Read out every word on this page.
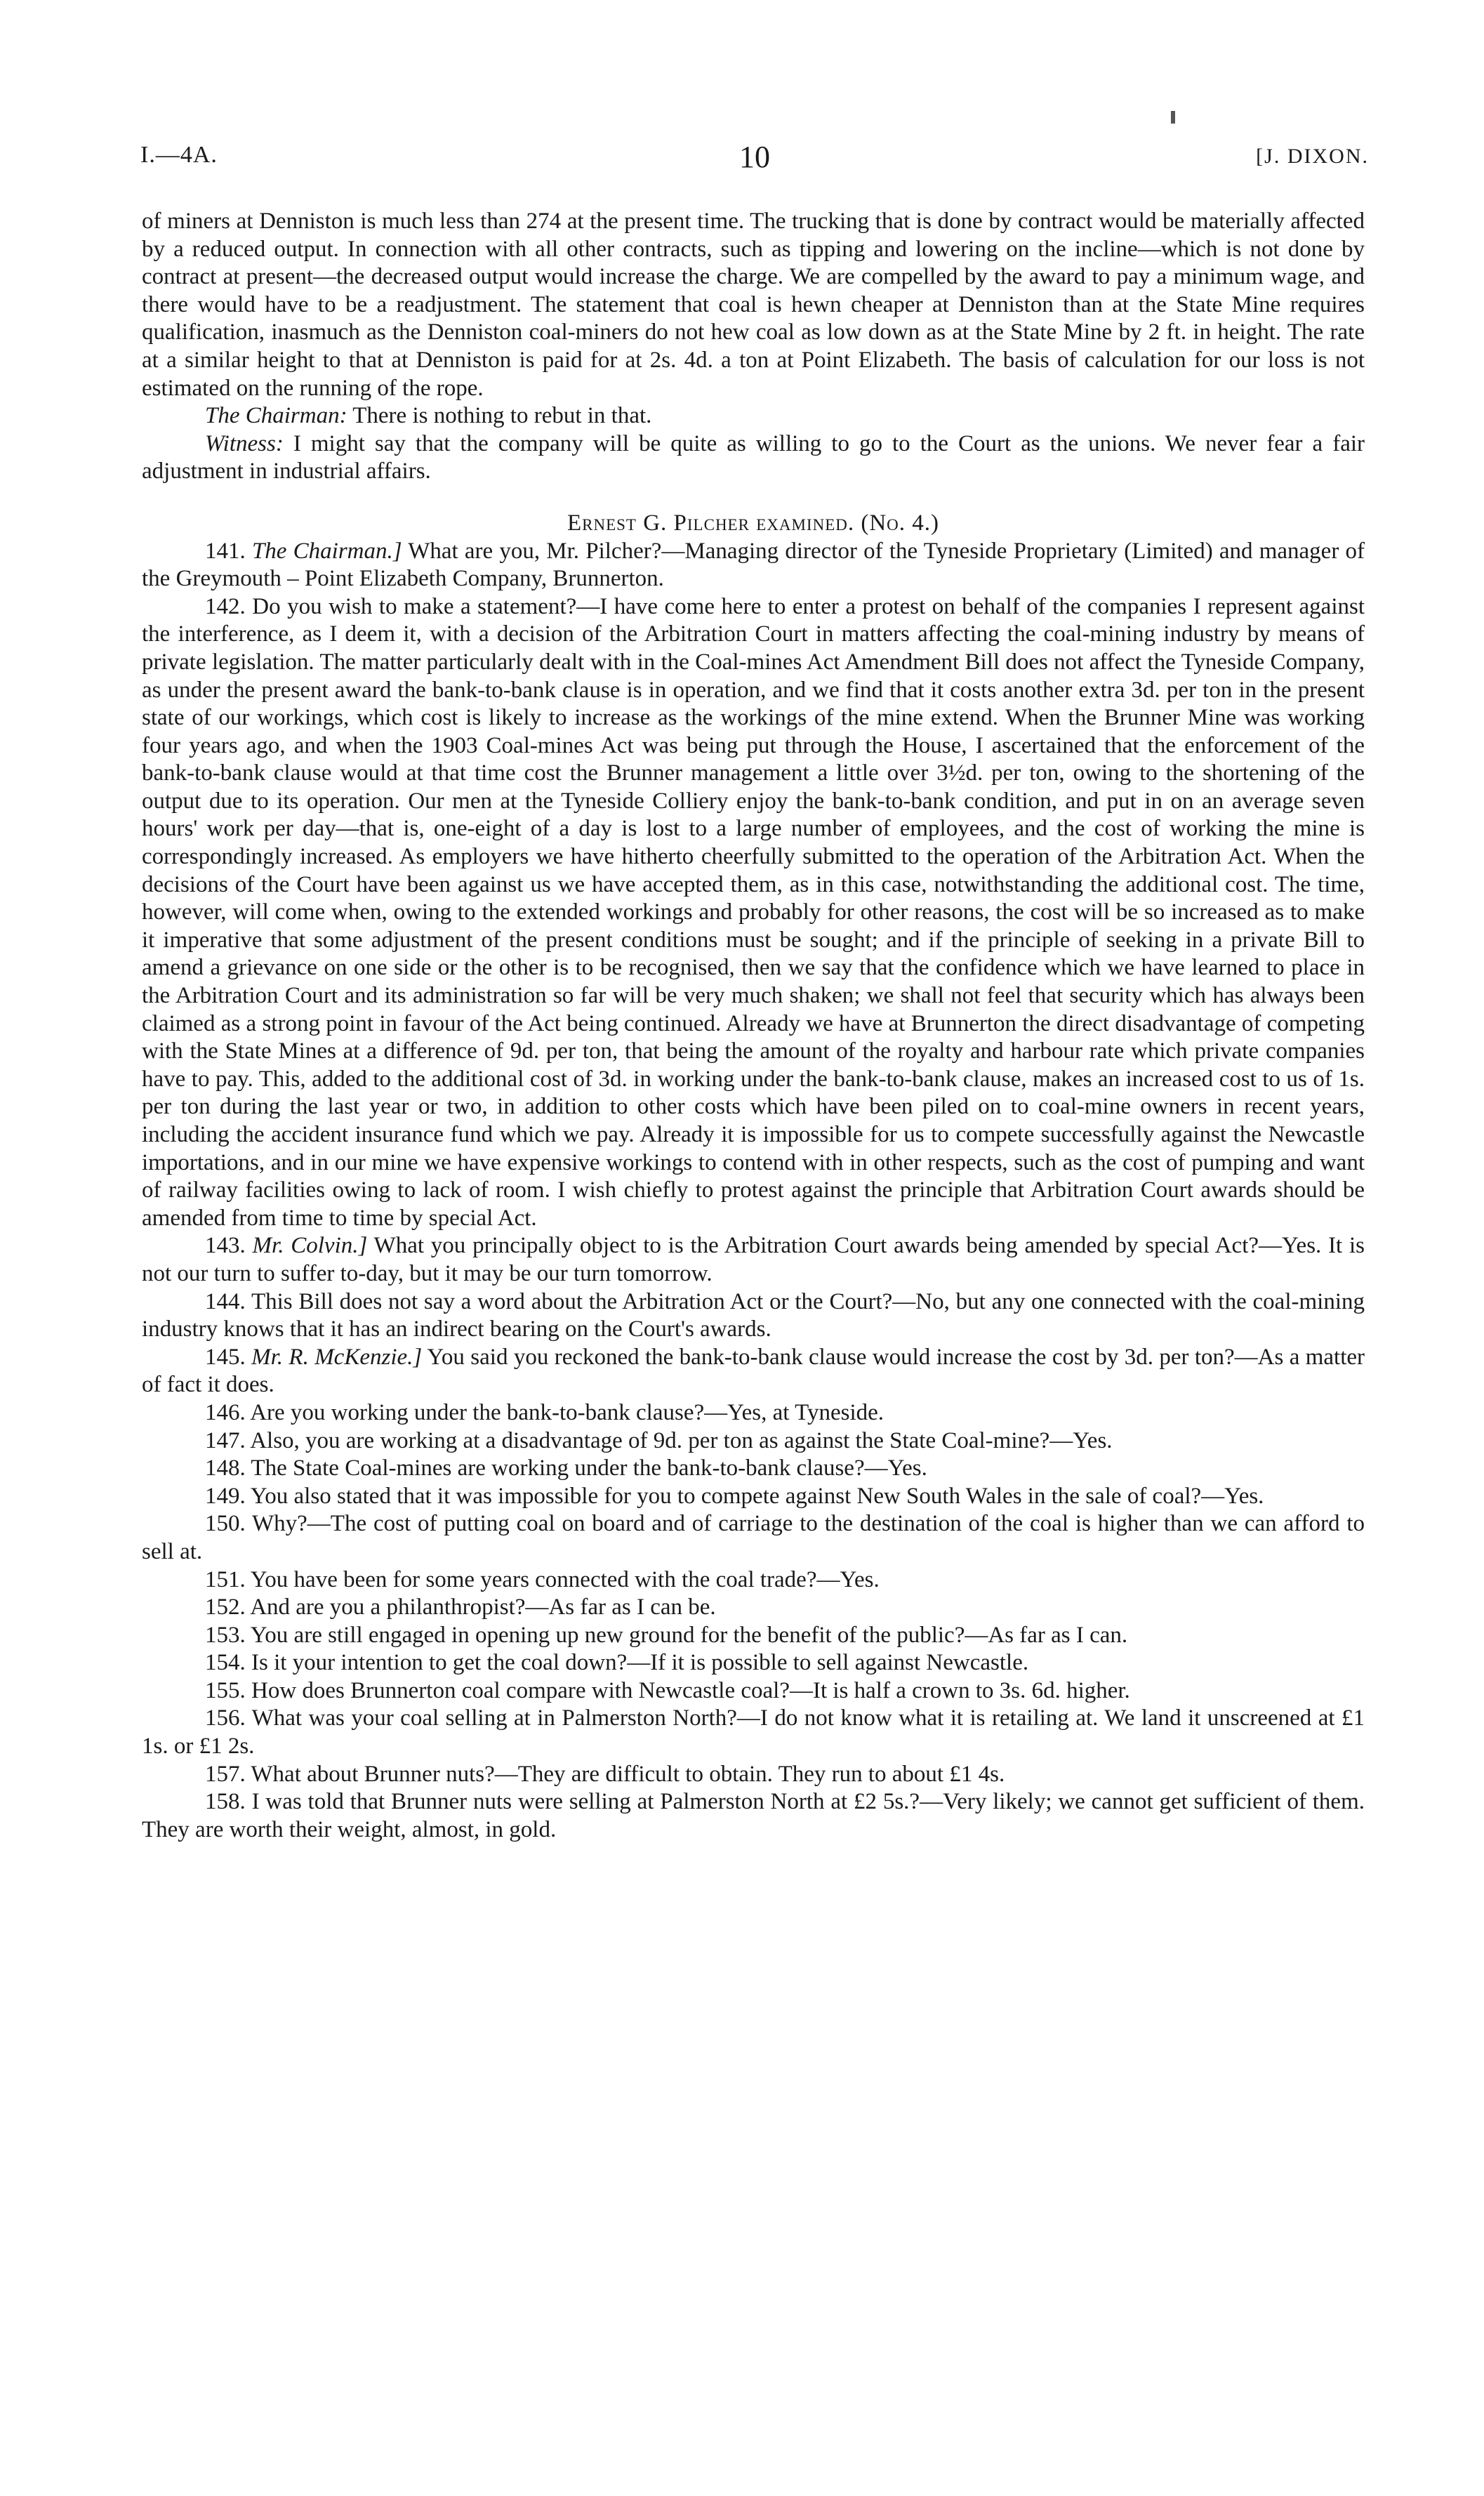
I.—4A.	10	[J. DIXON.

of miners at Denniston is much less than 274 at the present time. The trucking that is done by contract would be materially affected by a reduced output. In connection with all other contracts, such as tipping and lowering on the incline—which is not done by contract at present—the decreased output would increase the charge. We are compelled by the award to pay a minimum wage, and there would have to be a readjustment. The statement that coal is hewn cheaper at Denniston than at the State Mine requires qualification, inasmuch as the Denniston coal-miners do not hew coal as low down as at the State Mine by 2 ft. in height. The rate at a similar height to that at Denniston is paid for at 2s. 4d. a ton at Point Elizabeth. The basis of calculation for our loss is not estimated on the running of the rope.

The Chairman: There is nothing to rebut in that.

Witness: I might say that the company will be quite as willing to go to the Court as the unions. We never fear a fair adjustment in industrial affairs.

Ernest G. Pilcher examined. (No. 4.)

141. The Chairman.] What are you, Mr. Pilcher?—Managing director of the Tyneside Proprietary (Limited) and manager of the Greymouth – Point Elizabeth Company, Brunnerton.

142. Do you wish to make a statement?—I have come here to enter a protest on behalf of the companies I represent against the interference, as I deem it, with a decision of the Arbitration Court in matters affecting the coal-mining industry by means of private legislation. The matter particularly dealt with in the Coal-mines Act Amendment Bill does not affect the Tyneside Company, as under the present award the bank-to-bank clause is in operation, and we find that it costs another extra 3d. per ton in the present state of our workings, which cost is likely to increase as the workings of the mine extend. When the Brunner Mine was working four years ago, and when the 1903 Coal-mines Act was being put through the House, I ascertained that the enforcement of the bank-to-bank clause would at that time cost the Brunner management a little over 3½d. per ton, owing to the shortening of the output due to its operation. Our men at the Tyneside Colliery enjoy the bank-to-bank condition, and put in on an average seven hours' work per day—that is, one-eight of a day is lost to a large number of employees, and the cost of working the mine is correspondingly increased. As employers we have hitherto cheerfully submitted to the operation of the Arbitration Act. When the decisions of the Court have been against us we have accepted them, as in this case, notwithstanding the additional cost. The time, however, will come when, owing to the extended workings and probably for other reasons, the cost will be so increased as to make it imperative that some adjustment of the present conditions must be sought; and if the principle of seeking in a private Bill to amend a grievance on one side or the other is to be recognised, then we say that the confidence which we have learned to place in the Arbitration Court and its administration so far will be very much shaken; we shall not feel that security which has always been claimed as a strong point in favour of the Act being continued. Already we have at Brunnerton the direct disadvantage of competing with the State Mines at a difference of 9d. per ton, that being the amount of the royalty and harbour rate which private companies have to pay. This, added to the additional cost of 3d. in working under the bank-to-bank clause, makes an increased cost to us of 1s. per ton during the last year or two, in addition to other costs which have been piled on to coal-mine owners in recent years, including the accident insurance fund which we pay. Already it is impossible for us to compete successfully against the Newcastle importations, and in our mine we have expensive workings to contend with in other respects, such as the cost of pumping and want of railway facilities owing to lack of room. I wish chiefly to protest against the principle that Arbitration Court awards should be amended from time to time by special Act.

143. Mr. Colvin.] What you principally object to is the Arbitration Court awards being amended by special Act?—Yes. It is not our turn to suffer to-day, but it may be our turn tomorrow.

144. This Bill does not say a word about the Arbitration Act or the Court?—No, but any one connected with the coal-mining industry knows that it has an indirect bearing on the Court's awards.

145. Mr. R. McKenzie.] You said you reckoned the bank-to-bank clause would increase the cost by 3d. per ton?—As a matter of fact it does.

146. Are you working under the bank-to-bank clause?—Yes, at Tyneside.

147. Also, you are working at a disadvantage of 9d. per ton as against the State Coal-mine?—Yes.

148. The State Coal-mines are working under the bank-to-bank clause?—Yes.

149. You also stated that it was impossible for you to compete against New South Wales in the sale of coal?—Yes.

150. Why?—The cost of putting coal on board and of carriage to the destination of the coal is higher than we can afford to sell at.

151. You have been for some years connected with the coal trade?—Yes.

152. And are you a philanthropist?—As far as I can be.

153. You are still engaged in opening up new ground for the benefit of the public?—As far as I can.

154. Is it your intention to get the coal down?—If it is possible to sell against Newcastle.

155. How does Brunnerton coal compare with Newcastle coal?—It is half a crown to 3s. 6d. higher.

156. What was your coal selling at in Palmerston North?—I do not know what it is retailing at. We land it unscreened at £1 1s. or £1 2s.

157. What about Brunner nuts?—They are difficult to obtain. They run to about £1 4s.

158. I was told that Brunner nuts were selling at Palmerston North at £2 5s.?—Very likely; we cannot get sufficient of them. They are worth their weight, almost, in gold.
